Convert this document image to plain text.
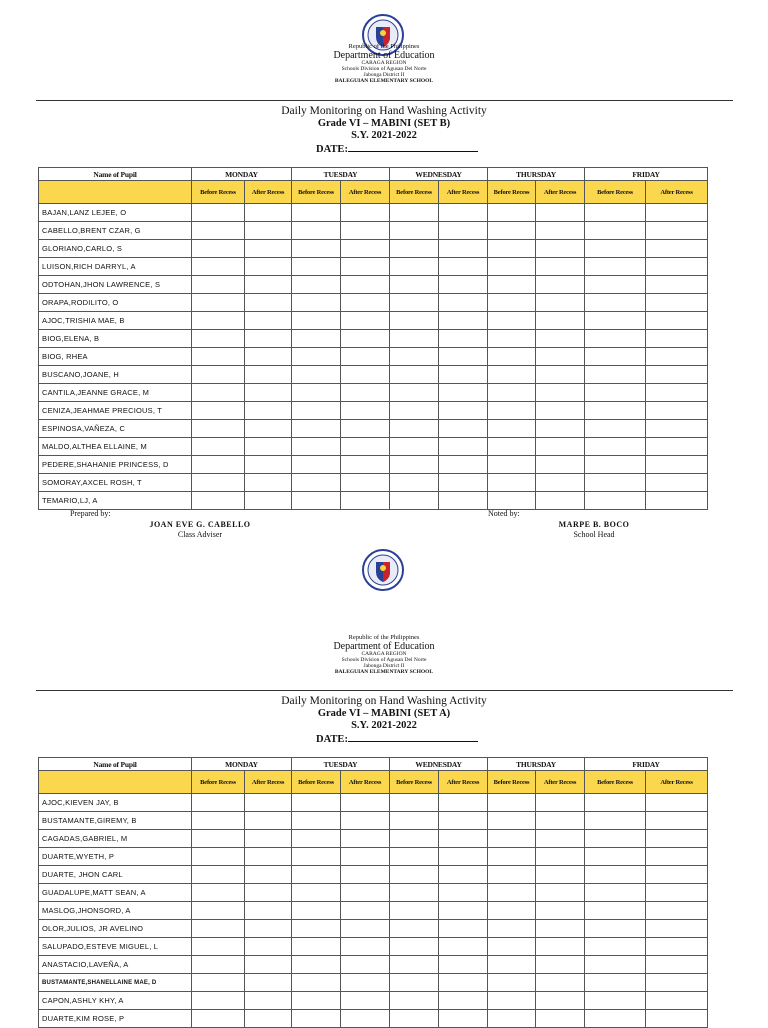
Republic of the Philippines
Department of Education
CARAGA REGION
Schools Division of Agusan Del Norte
Jabonga District II
BALEGUIAN ELEMENTARY SCHOOL
Daily Monitoring on Hand Washing Activity
Grade VI – MABINI (SET B)
S.Y. 2021-2022
DATE:
Name of Pupil	MONDAY		TUESDAY		WEDNESDAY		THURSDAY		FRIDAY	
	Before Recess	After Recess	Before Recess	After Recess	Before Recess	After Recess	Before Recess	After Recess	Before Recess	After Recess
BAJAN,LANZ LEJEE, O										
CABELLO,BRENT CZAR, G										
GLORIANO,CARLO, S										
LUISON,RICH DARRYL, A										
ODTOHAN,JHON LAWRENCE, S										
ORAPA,RODILITO, O										
AJOC,TRISHIA MAE, B										
BIOG,ELENA, B										
BIOG, RHEA										
BUSCANO,JOANE, H										
CANTILA,JEANNE GRACE, M										
CENIZA,JEAHMAE PRECIOUS, T										
ESPINOSA,VAÑEZA, C										
MALDO,ALTHEA ELLAINE, M										
PEDERE,SHAHANIE PRINCESS, D										
SOMORAY,AXCEL ROSH, T										
TEMARIO,LJ, A										
Prepared by:
JOAN EVE G. CABELLO
Class Adviser
Noted by:
MARPE B. BOCO
School Head
Republic of the Philippines
Department of Education
CARAGA REGION
Schools Division of Agusan Del Norte
Jabonga District II
BALEGUIAN ELEMENTARY SCHOOL
Daily Monitoring on Hand Washing Activity
Grade VI – MABINI (SET A)
S.Y. 2021-2022
DATE:
Name of Pupil	MONDAY		TUESDAY		WEDNESDAY		THURSDAY		FRIDAY	
	Before Recess	After Recess	Before Recess	After Recess	Before Recess	After Recess	Before Recess	After Recess	Before Recess	After Recess
AJOC,KIEVEN JAY, B										
BUSTAMANTE,GIREMY, B										
CAGADAS,GABRIEL, M										
DUARTE,WYETH, P										
DUARTE, JHON CARL										
GUADALUPE,MATT SEAN, A										
MASLOG,JHONSORD, A										
OLOR,JULIOS, JR AVELINO										
SALUPADO,ESTEVE MIGUEL, L										
ANASTACIO,LAVEÑA, A										
BUSTAMANTE,SHANELLAINE MAE, D										
CAPON,ASHLY KHY, A										
DUARTE,KIM ROSE, P										
